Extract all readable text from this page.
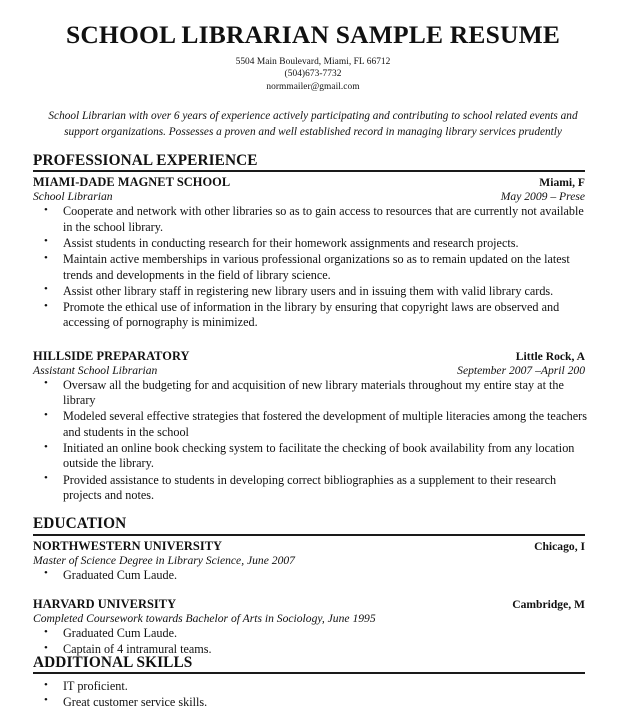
SCHOOL LIBRARIAN SAMPLE RESUME
5504 Main Boulevard, Miami, FL 66712
(504)673-7732
normmailer@gmail.com
School Librarian with over 6 years of experience actively participating and contributing to school related events and support organizations. Possesses a proven and well established record in managing library services prudently
PROFESSIONAL EXPERIENCE
MIAMI-DADE MAGNET SCHOOL	Miami, F
School Librarian	May 2009 – Prese
• Cooperate and network with other libraries so as to gain access to resources that are currently not available in the school library.
• Assist students in conducting research for their homework assignments and research projects.
• Maintain active memberships in various professional organizations so as to remain updated on the latest trends and developments in the field of library science.
• Assist other library staff in registering new library users and in issuing them with valid library cards.
• Promote the ethical use of information in the library by ensuring that copyright laws are observed and accessing of pornography is minimized.
HILLSIDE PREPARATORY	Little Rock, A
Assistant School Librarian	September 2007 –April 200
• Oversaw all the budgeting for and acquisition of new library materials throughout my entire stay at the library
• Modeled several effective strategies that fostered the development of multiple literacies among the teachers and students in the school
• Initiated an online book checking system to facilitate the checking of book availability from any location outside the library.
• Provided assistance to students in developing correct bibliographies as a supplement to their research projects and notes.
EDUCATION
NORTHWESTERN UNIVERSITY	Chicago, I
Master of Science Degree in Library Science, June 2007
• Graduated Cum Laude.
HARVARD UNIVERSITY	Cambridge, M
Completed Coursework towards Bachelor of Arts in Sociology, June 1995
• Graduated Cum Laude.
• Captain of 4 intramural teams.
ADDITIONAL SKILLS
• IT proficient.
• Great customer service skills.
